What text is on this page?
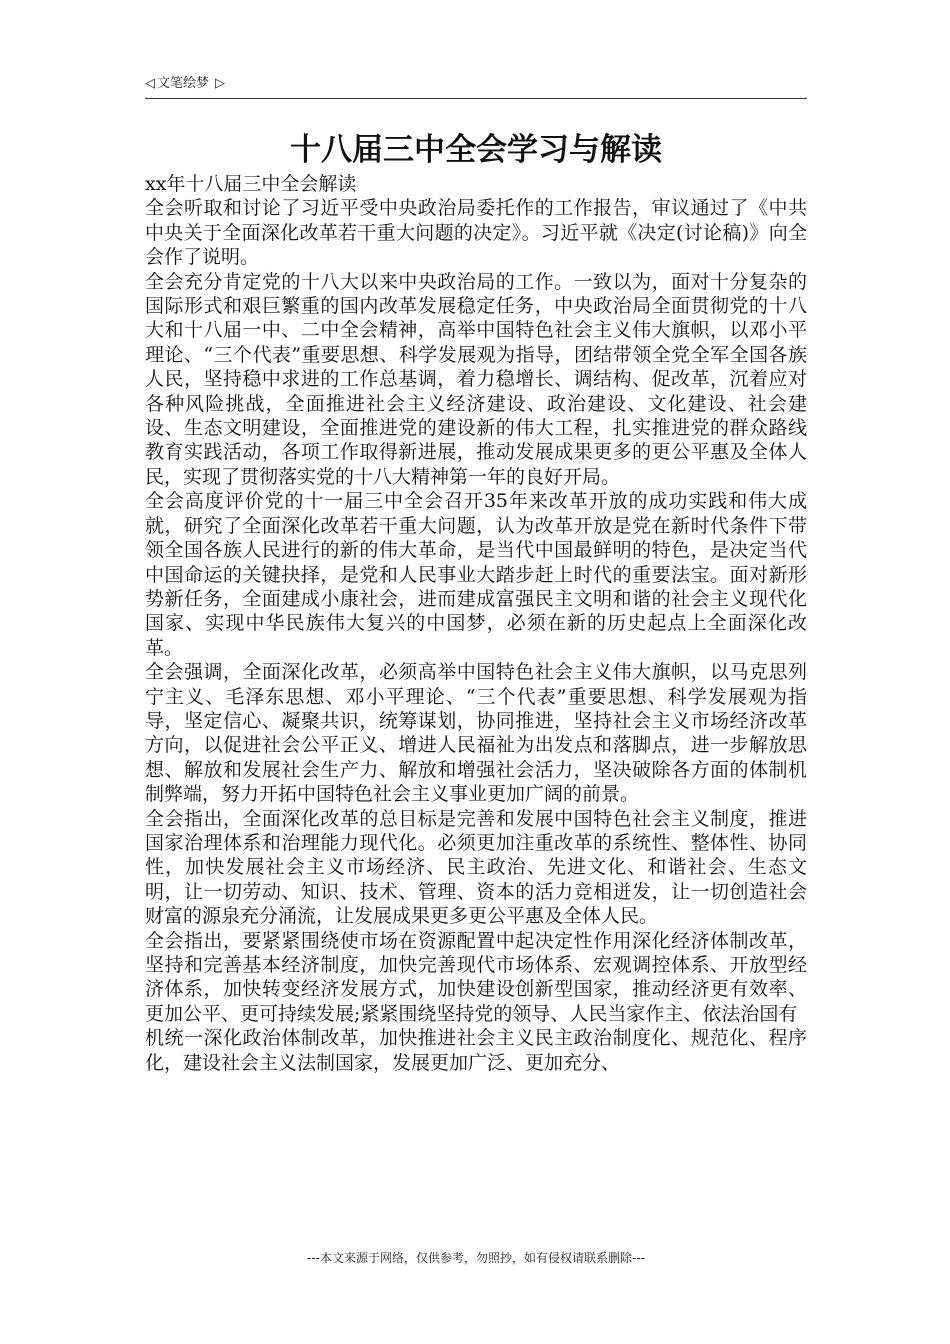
◁ 文笔绘梦 ▷
十八届三中全会学习与解读

xx年十八届三中全会解读

全会听取和讨论了习近平受中央政治局委托作的工作报告，审议通过了《中共中央关于全面深化改革若干重大问题的决定》。习近平就《决定(讨论稿)》向全会作了说明。

全会充分肯定党的十八大以来中央政治局的工作。一致以为，面对十分复杂的国际形式和艰巨繁重的国内改革发展稳定任务，中央政治局全面贯彻党的十八大和十八届一中、二中全会精神，高举中国特色社会主义伟大旗帜，以邓小平理论、“三个代表”重要思想、科学发展观为指导，团结带领全党全军全国各族人民，坚持稳中求进的工作总基调，着力稳增长、调结构、促改革，沉着应对各种风险挑战，全面推进社会主义经济建设、政治建设、文化建设、社会建设、生态文明建设，全面推进党的建设新的伟大工程，扎实推进党的群众路线教育实践活动，各项工作取得新进展，推动发展成果更多的更公平惠及全体人民，实现了贯彻落实党的十八大精神第一年的良好开局。

全会高度评价党的十一届三中全会召开35年来改革开放的成功实践和伟大成就，研究了全面深化改革若干重大问题，认为改革开放是党在新时代条件下带领全国各族人民进行的新的伟大革命，是当代中国最鲜明的特色，是决定当代中国命运的关键抉择，是党和人民事业大踏步赶上时代的重要法宝。面对新形势新任务，全面建成小康社会，进而建成富强民主文明和谐的社会主义现代化国家、实现中华民族伟大复兴的中国梦，必须在新的历史起点上全面深化改革。

全会强调，全面深化改革，必须高举中国特色社会主义伟大旗帜，以马克思列宁主义、毛泽东思想、邓小平理论、“三个代表”重要思想、科学发展观为指导，坚定信心、凝聚共识，统筹谋划，协同推进，坚持社会主义市场经济改革方向，以促进社会公平正义、增进人民福祉为出发点和落脚点，进一步解放思想、解放和发展社会生产力、解放和增强社会活力，坚决破除各方面的体制机制弊端，努力开拓中国特色社会主义事业更加广阔的前景。

全会指出，全面深化改革的总目标是完善和发展中国特色社会主义制度，推进国家治理体系和治理能力现代化。必须更加注重改革的系统性、整体性、协同性，加快发展社会主义市场经济、民主政治、先进文化、和谐社会、生态文明，让一切劳动、知识、技术、管理、资本的活力竞相迸发，让一切创造社会财富的源泉充分涌流，让发展成果更多更公平惠及全体人民。

全会指出，要紧紧围绕使市场在资源配置中起决定性作用深化经济体制改革，坚持和完善基本经济制度，加快完善现代市场体系、宏观调控体系、开放型经济体系，加快转变经济发展方式，加快建设创新型国家，推动经济更有效率、更加公平、更可持续发展;紧紧围绕坚持党的领导、人民当家作主、依法治国有

机统一深化政治体制改革，加快推进社会主义民主政治制度化、规范化、程序化，建设社会主义法制国家，发展更加广泛、更加充分、

---本文来源于网络，仅供参考，勿照抄，如有侵权请联系删除---
